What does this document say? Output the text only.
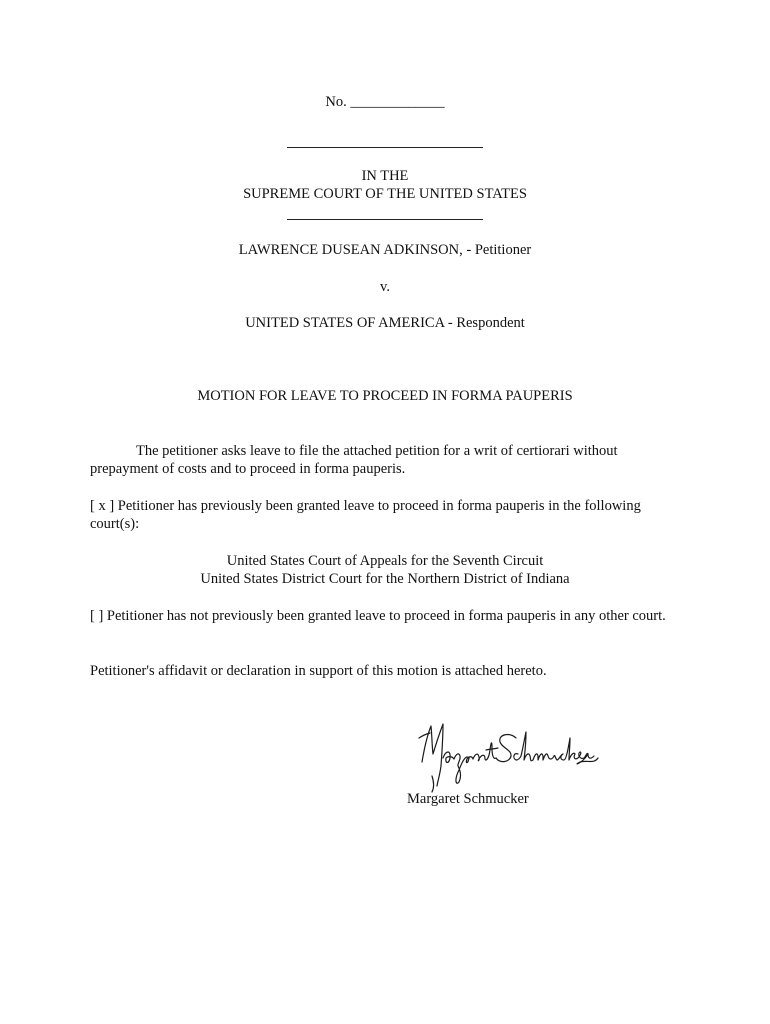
No. _____________
IN THE
SUPREME COURT OF THE UNITED STATES
LAWRENCE DUSEAN ADKINSON, - Petitioner
v.
UNITED STATES OF AMERICA - Respondent
MOTION FOR LEAVE TO PROCEED IN FORMA PAUPERIS
The petitioner asks leave to file the attached petition for a writ of certiorari without prepayment of costs and to proceed in forma pauperis.
[ x ] Petitioner has previously been granted leave to proceed in forma pauperis in the following court(s):
United States Court of Appeals for the Seventh Circuit
United States District Court for the Northern District of Indiana
[ ] Petitioner has not previously been granted leave to proceed in forma pauperis in any other court.
Petitioner's affidavit or declaration in support of this motion is attached hereto.
Margaret Schmucker
